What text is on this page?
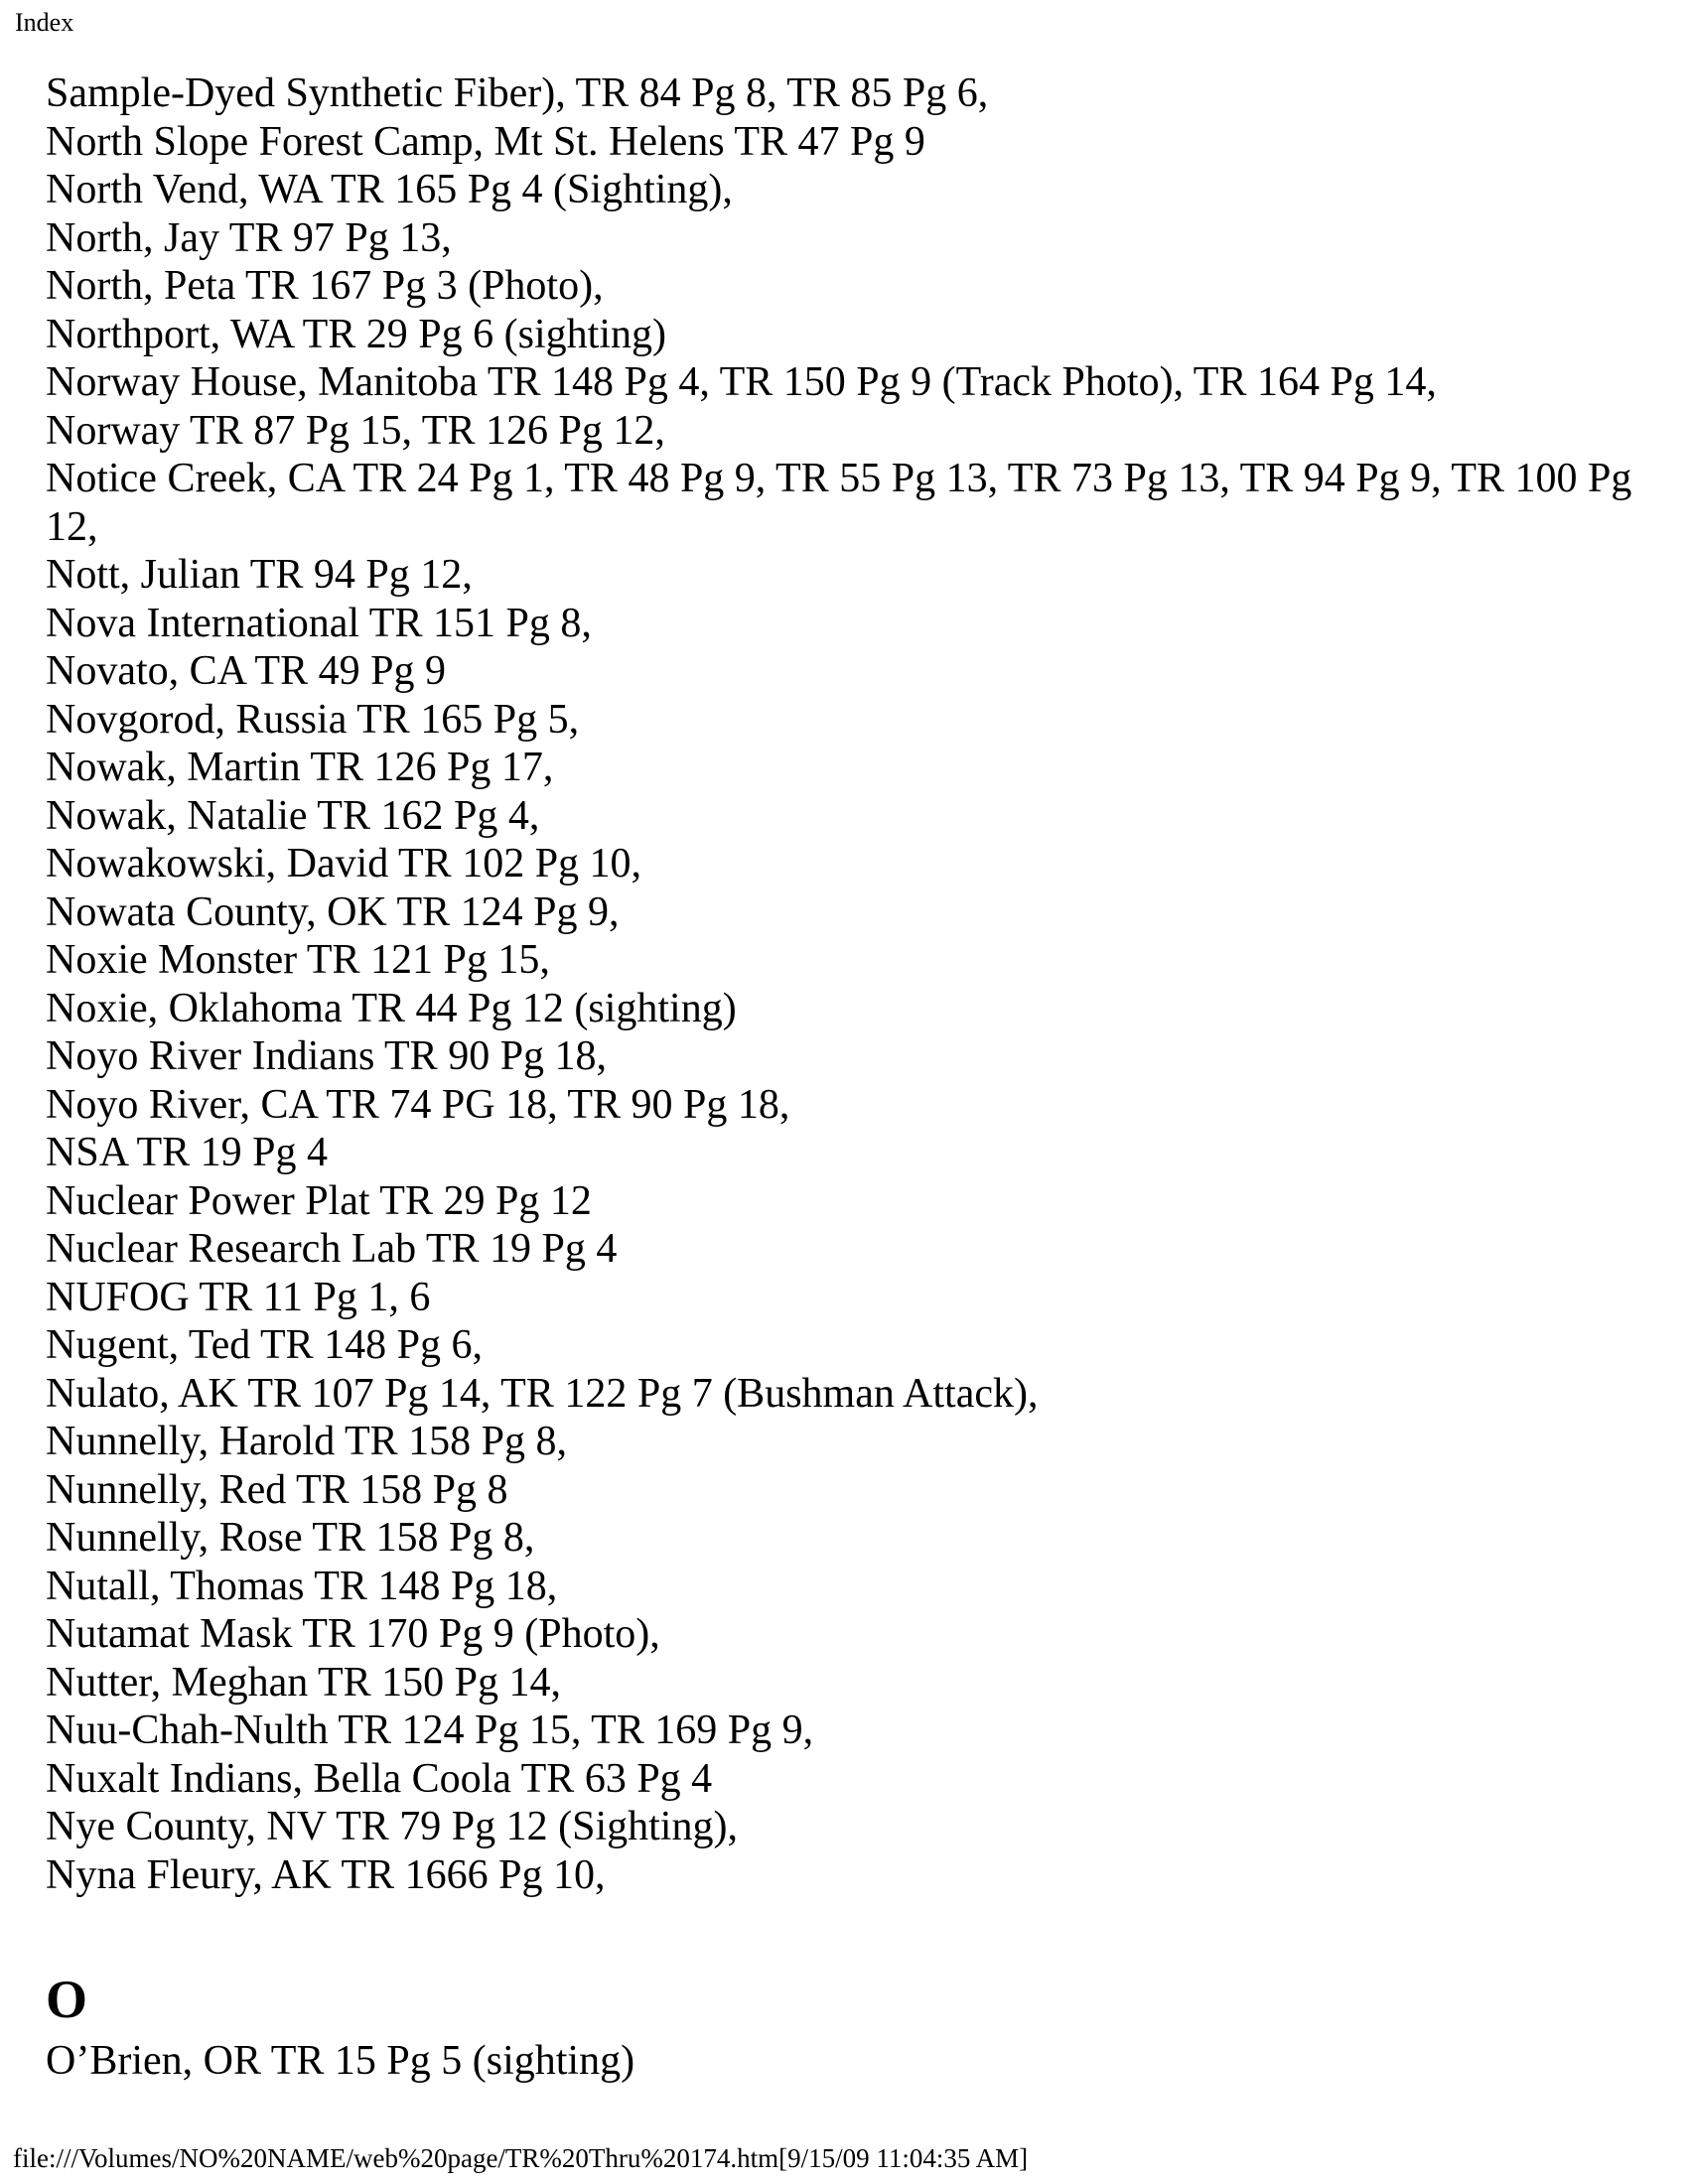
Index
Sample-Dyed Synthetic Fiber), TR 84 Pg 8, TR 85 Pg 6,
North Slope Forest Camp, Mt St. Helens TR 47 Pg 9
North Vend, WA TR 165 Pg 4 (Sighting),
North, Jay TR 97 Pg 13,
North, Peta TR 167 Pg 3 (Photo),
Northport, WA TR 29 Pg 6 (sighting)
Norway House, Manitoba TR 148 Pg 4, TR 150 Pg 9 (Track Photo), TR 164 Pg 14,
Norway TR 87 Pg 15, TR 126 Pg 12,
Notice Creek, CA TR 24 Pg 1, TR 48 Pg 9, TR 55 Pg 13, TR 73 Pg 13, TR 94 Pg 9, TR 100 Pg
12,
Nott, Julian TR 94 Pg 12,
Nova International TR 151 Pg 8,
Novato, CA TR 49 Pg 9
Novgorod, Russia TR 165 Pg 5,
Nowak, Martin TR 126 Pg 17,
Nowak, Natalie TR 162 Pg 4,
Nowakowski, David TR 102 Pg 10,
Nowata County, OK TR 124 Pg 9,
Noxie Monster TR 121 Pg 15,
Noxie, Oklahoma TR 44 Pg 12 (sighting)
Noyo River Indians TR 90 Pg 18,
Noyo River, CA TR 74 PG 18, TR 90 Pg 18,
NSA TR 19 Pg 4
Nuclear Power Plat TR 29 Pg 12
Nuclear Research Lab TR 19 Pg 4
NUFOG TR 11 Pg 1, 6
Nugent, Ted TR 148 Pg 6,
Nulato, AK TR 107 Pg 14, TR 122 Pg 7 (Bushman Attack),
Nunnelly, Harold TR 158 Pg 8,
Nunnelly, Red TR 158 Pg 8
Nunnelly, Rose TR 158 Pg 8,
Nutall, Thomas TR 148 Pg 18,
Nutamat Mask TR 170 Pg 9 (Photo),
Nutter, Meghan TR 150 Pg 14,
Nuu-Chah-Nulth TR 124 Pg 15, TR 169 Pg 9,
Nuxalt Indians, Bella Coola TR 63 Pg 4
Nye County, NV TR 79 Pg 12 (Sighting),
Nyna Fleury, AK TR 1666 Pg 10,
O
O’Brien, OR TR 15 Pg 5 (sighting)
file:///Volumes/NO%20NAME/web%20page/TR%20Thru%20174.htm[9/15/09 11:04:35 AM]
